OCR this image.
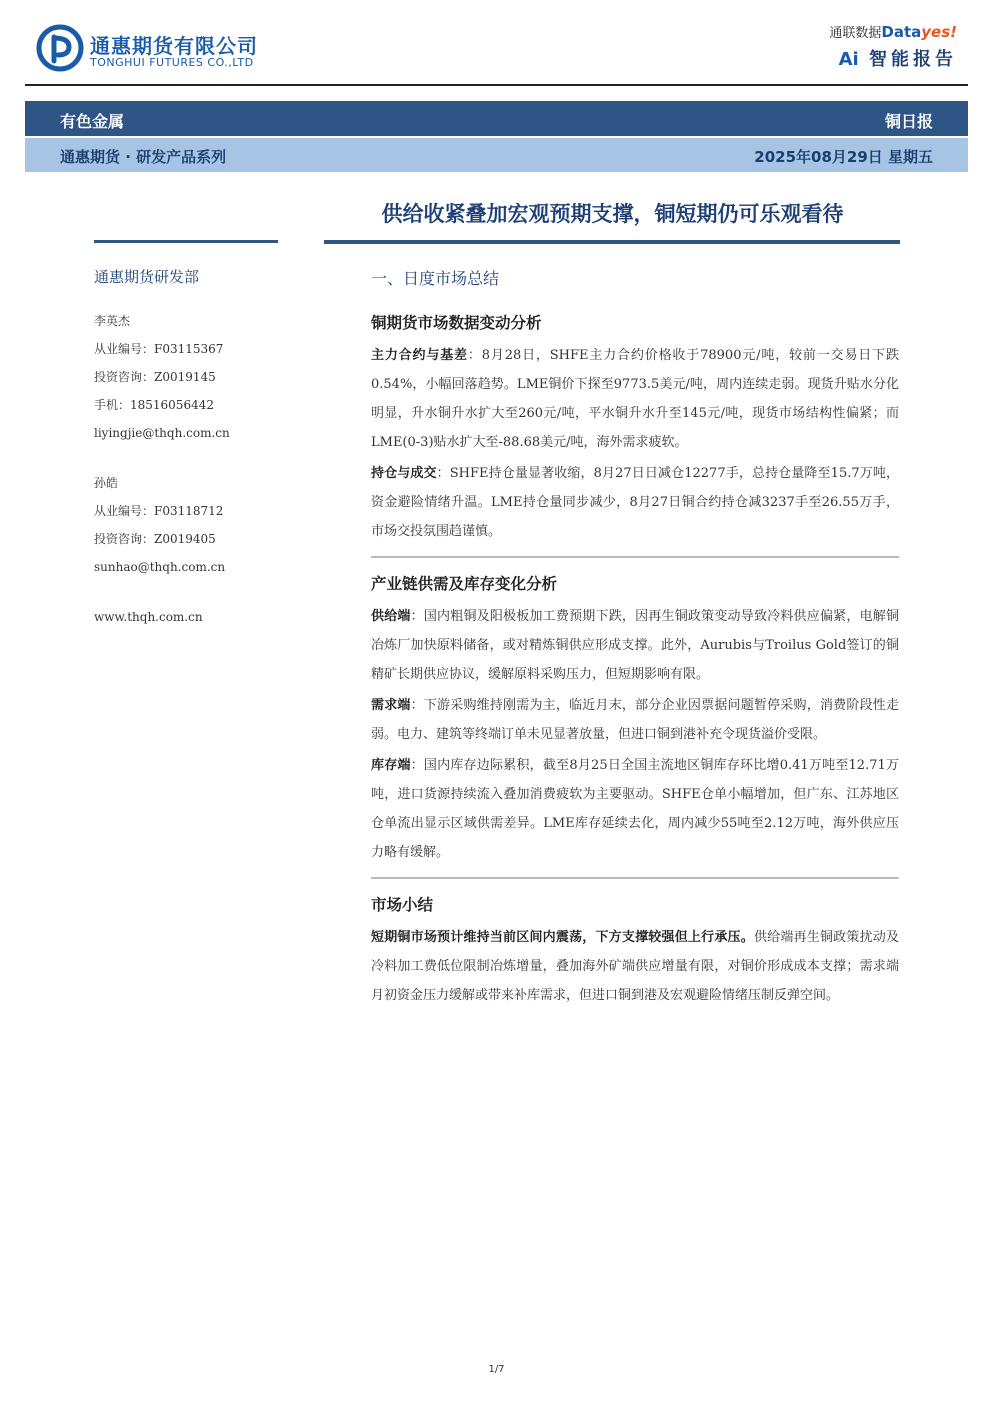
通惠期货有限公司
TONGHUI FUTURES CO.,LTD
通联数据Datayes!
Ai 智能报告
有色金属	铜日报
通惠期货 · 研发产品系列	2025年08月29日 星期五
供给收紧叠加宏观预期支撑，铜短期仍可乐观看待
通惠期货研发部
李英杰
从业编号：F03115367
投资咨询：Z0019145
手机：18516056442
liyingjie@thqh.com.cn
孙皓
从业编号：F03118712
投资咨询：Z0019405
sunhao@thqh.com.cn
www.thqh.com.cn
一、日度市场总结
铜期货市场数据变动分析

主力合约与基差：8月28日，SHFE主力合约价格收于78900元/吨，较前一交易日下跌0.54%，小幅回落趋势。LME铜价下探至9773.5美元/吨，周内连续走弱。现货升贴水分化明显，升水铜升水扩大至260元/吨，平水铜升水升至145元/吨，现货市场结构性偏紧；而LME(0-3)贴水扩大至-88.68美元/吨，海外需求疲软。

持仓与成交：SHFE持仓量显著收缩，8月27日日减仓12277手，总持仓量降至15.7万吨，资金避险情绪升温。LME持仓量同步减少，8月27日铜合约持仓减3237手至26.55万手，市场交投氛围趋谨慎。

产业链供需及库存变化分析

供给端：国内粗铜及阳极板加工费预期下跌，因再生铜政策变动导致冷料供应偏紧，电解铜冶炼厂加快原料储备，或对精炼铜供应形成支撑。此外，Aurubis与Troilus Gold签订的铜精矿长期供应协议，缓解原料采购压力，但短期影响有限。

需求端：下游采购维持刚需为主，临近月末，部分企业因票据问题暂停采购，消费阶段性走弱。电力、建筑等终端订单未见显著放量，但进口铜到港补充令现货溢价受限。

库存端：国内库存边际累积，截至8月25日全国主流地区铜库存环比增0.41万吨至12.71万吨，进口货源持续流入叠加消费疲软为主要驱动。SHFE仓单小幅增加，但广东、江苏地区仓单流出显示区域供需差异。LME库存延续去化，周内减少55吨至2.12万吨，海外供应压力略有缓解。

市场小结

短期铜市场预计维持当前区间内震荡，下方支撑较强但上行承压。供给端再生铜政策扰动及冷料加工费低位限制冶炼增量，叠加海外矿端供应增量有限，对铜价形成成本支撑；需求端月初资金压力缓解或带来补库需求，但进口铜到港及宏观避险情绪压制反弹空间。

1/7
